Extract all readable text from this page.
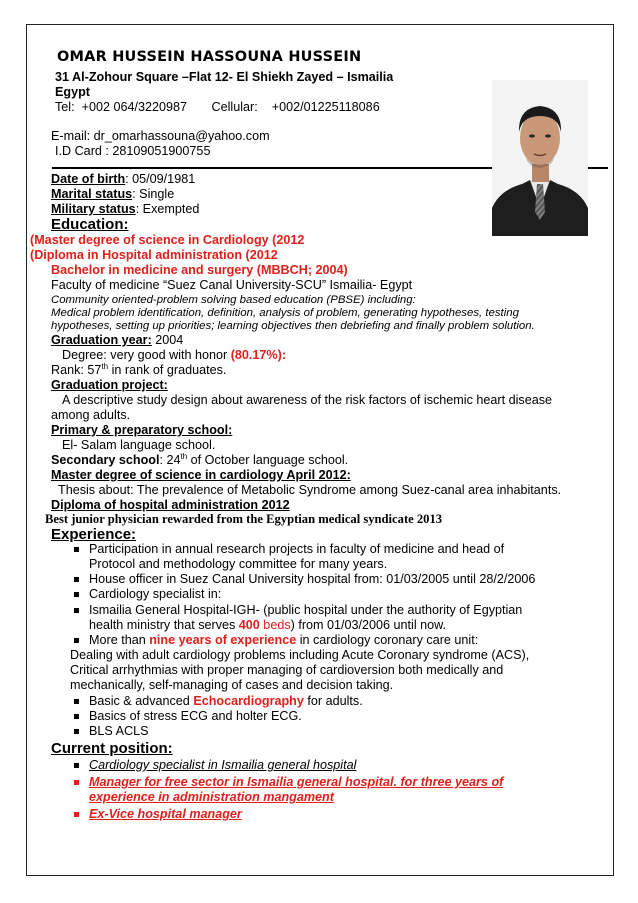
OMAR HUSSEIN HASSOUNA HUSSEIN
31 Al-Zohour Square –Flat 12- El Shiekh Zayed – Ismailia
Egypt
Tel: +002 064/3220987 Cellular: +002/01225118086
E-mail: dr_omarhassouna@yahoo.com
I.D Card : 28109051900755
Date of birth: 05/09/1981
Marital status: Single
Military status: Exempted
Education:
(Master degree of science in Cardiology (2012
(Diploma in Hospital administration (2012
Bachelor in medicine and surgery (MBBCH; 2004)
Faculty of medicine “Suez Canal University-SCU” Ismailia- Egypt
Community oriented-problem solving based education (PBSE) including:
Medical problem identification, definition, analysis of problem, generating hypotheses, testing
hypotheses, setting up priorities; learning objectives then debriefing and finally problem solution.
Graduation year: 2004
Degree: very good with honor (80.17%):
Rank: 57th in rank of graduates.
Graduation project:
A descriptive study design about awareness of the risk factors of ischemic heart disease
among adults.
Primary & preparatory school:
El- Salam language school.
Secondary school: 24th of October language school.
Master degree of science in cardiology April 2012:
Thesis about: The prevalence of Metabolic Syndrome among Suez-canal area inhabitants.
Diploma of hospital administration 2012
Best junior physician rewarded from the Egyptian medical syndicate 2013
Experience:
Participation in annual research projects in faculty of medicine and head of
Protocol and methodology committee for many years.
House officer in Suez Canal University hospital from: 01/03/2005 until 28/2/2006
Cardiology specialist in:
Ismailia General Hospital-IGH- (public hospital under the authority of Egyptian
health ministry that serves 400 beds) from 01/03/2006 until now.
More than nine years of experience in cardiology coronary care unit:
Dealing with adult cardiology problems including Acute Coronary syndrome (ACS),
Critical arrhythmias with proper managing of cardioversion both medically and
mechanically, self-managing of cases and decision taking.
Basic & advanced Echocardiography for adults.
Basics of stress ECG and holter ECG.
BLS ACLS
Current position:
Cardiology specialist in Ismailia general hospital
Manager for free sector in Ismailia general hospital. for three years of
experience in administration mangament
Ex-Vice hospital manager
